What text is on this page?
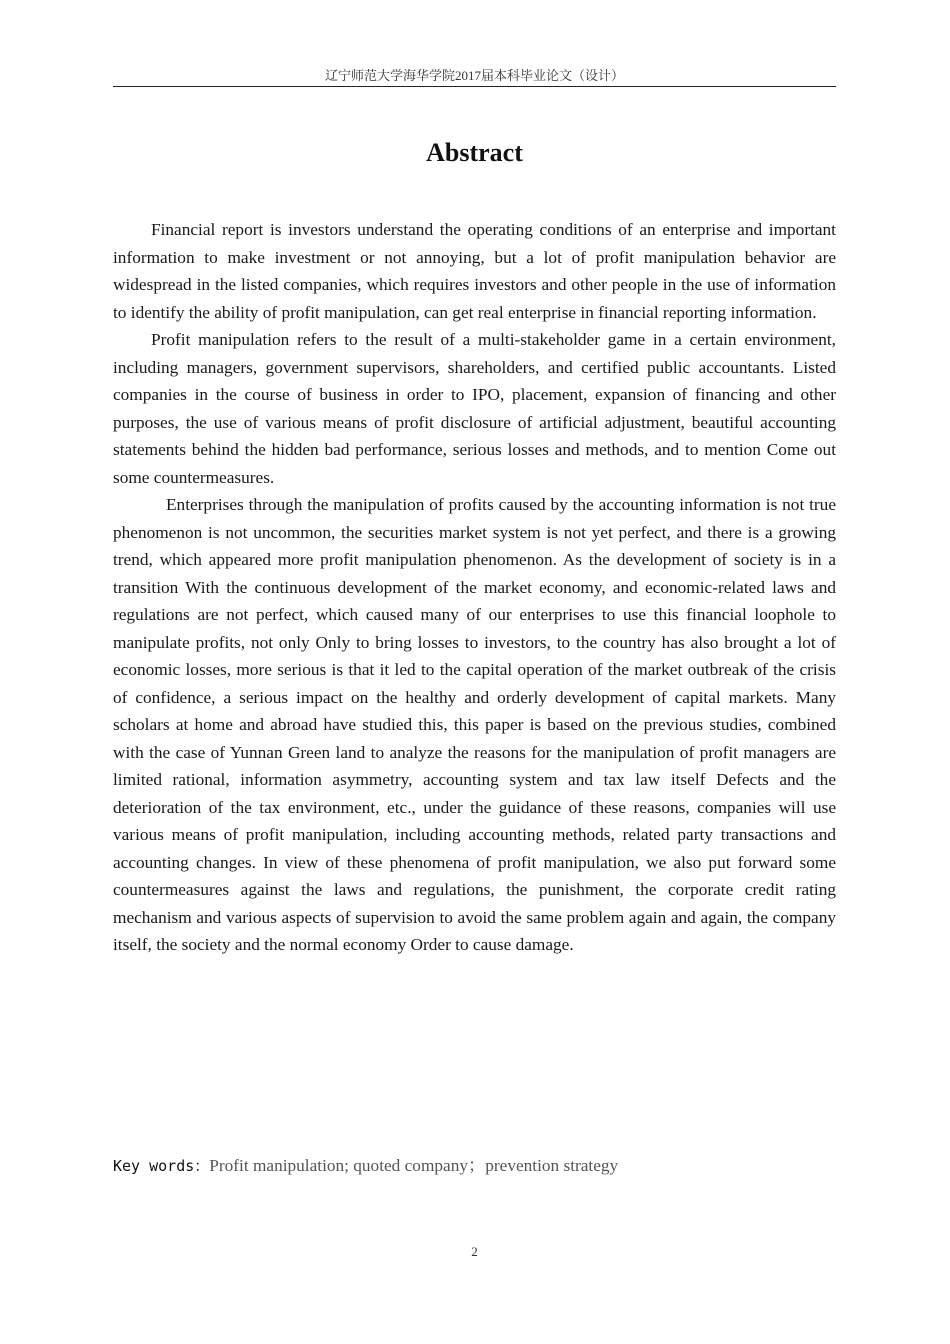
辽宁师范大学海华学院2017届本科毕业论文（设计）
Abstract

Financial report is investors understand the operating conditions of an enterprise and important information to make investment or not annoying, but a lot of profit manipulation behavior are widespread in the listed companies, which requires investors and other people in the use of information to identify the ability of profit manipulation, can get real enterprise in financial reporting information.

Profit manipulation refers to the result of a multi-stakeholder game in a certain environment, including managers, government supervisors, shareholders, and certified public accountants. Listed companies in the course of business in order to IPO, placement, expansion of financing and other purposes, the use of various means of profit disclosure of artificial adjustment, beautiful accounting statements behind the hidden bad performance, serious losses and methods, and to mention Come out some countermeasures.

Enterprises through the manipulation of profits caused by the accounting information is not true phenomenon is not uncommon, the securities market system is not yet perfect, and there is a growing trend, which appeared more profit manipulation phenomenon. As the development of society is in a transition With the continuous development of the market economy, and economic-related laws and regulations are not perfect, which caused many of our enterprises to use this financial loophole to manipulate profits, not only Only to bring losses to investors, to the country has also brought a lot of economic losses, more serious is that it led to the capital operation of the market outbreak of the crisis of confidence, a serious impact on the healthy and orderly development of capital markets. Many scholars at home and abroad have studied this, this paper is based on the previous studies, combined with the case of Yunnan Green land to analyze the reasons for the manipulation of profit managers are limited rational, information asymmetry, accounting system and tax law itself Defects and the deterioration of the tax environment, etc., under the guidance of these reasons, companies will use various means of profit manipulation, including accounting methods, related party transactions and accounting changes. In view of these phenomena of profit manipulation, we also put forward some countermeasures against the laws and regulations, the punishment, the corporate credit rating mechanism and various aspects of supervision to avoid the same problem again and again, the company itself, the society and the normal economy Order to cause damage.

Key words：Profit manipulation; quoted company；prevention strategy
2
